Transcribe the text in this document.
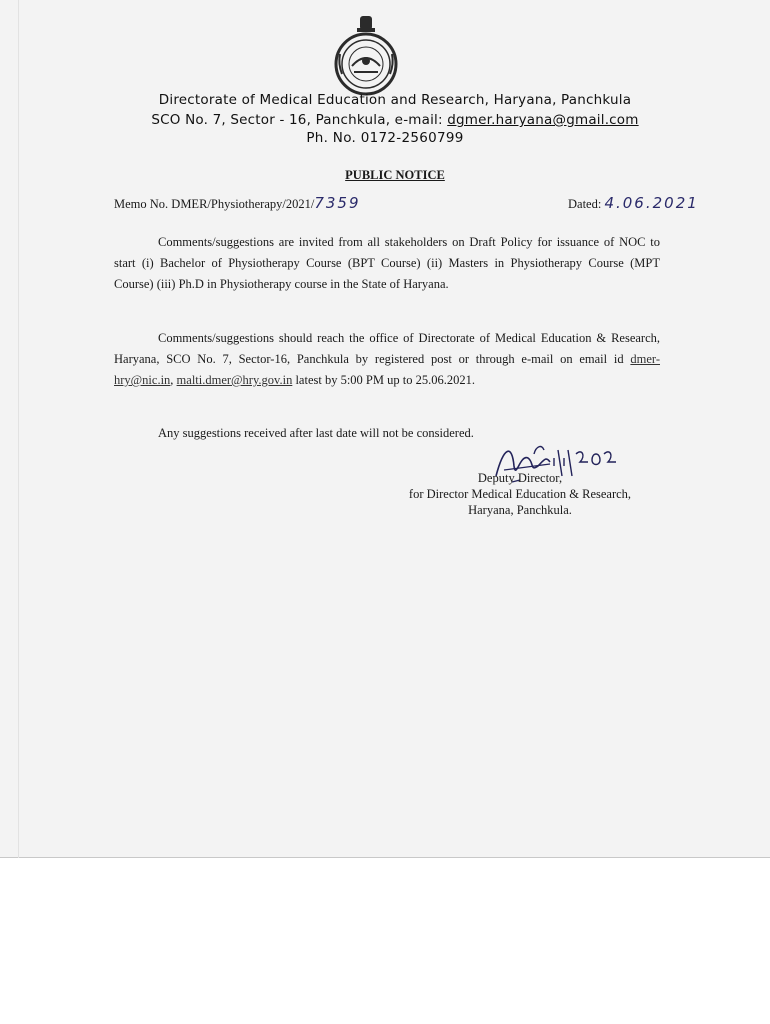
Directorate of Medical Education and Research, Haryana, Panchkula
SCO No. 7, Sector - 16, Panchkula, e-mail: dgmer.haryana@gmail.com
Ph. No. 0172-2560799
PUBLIC NOTICE
Memo No. DMER/Physiotherapy/2021/7359	Dated: 4.06.2021

Comments/suggestions are invited from all stakeholders on Draft Policy for issuance of NOC to start (i) Bachelor of Physiotherapy Course (BPT Course) (ii) Masters in Physiotherapy Course (MPT Course) (iii) Ph.D in Physiotherapy course in the State of Haryana.

Comments/suggestions should reach the office of Directorate of Medical Education & Research, Haryana, SCO No. 7, Sector-16, Panchkula by registered post or through e-mail on email id dmer-hry@nic.in, malti.dmer@hry.gov.in latest by 5:00 PM up to 25.06.2021.

Any suggestions received after last date will not be considered.

Deputy Director,
for Director Medical Education & Research,
Haryana, Panchkula.
